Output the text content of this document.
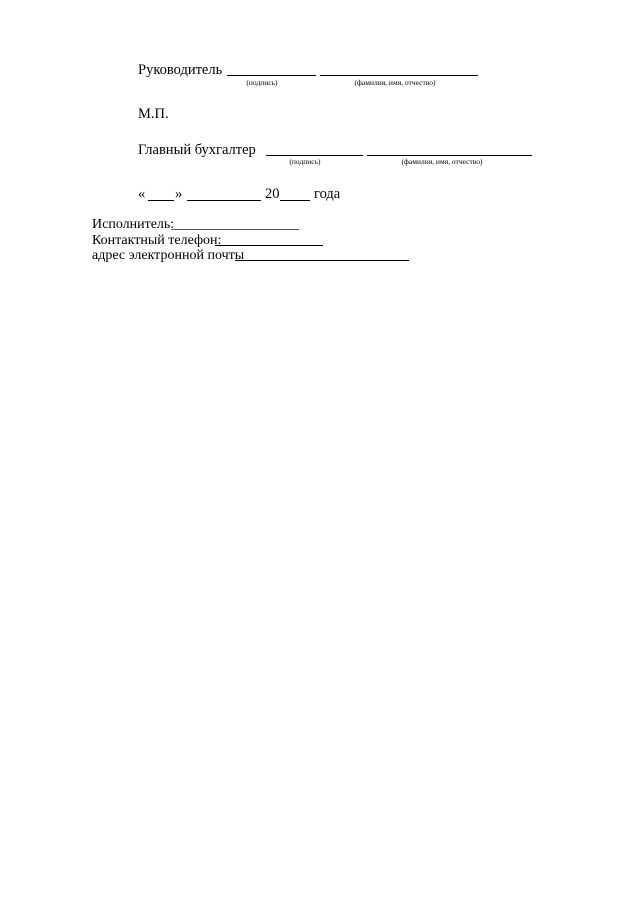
Руководитель
(подпись)	(фамилия, имя, отчество)
М.П.
Главный бухгалтер
(подпись)	(фамилия, имя, отчество)
« »	20 года
Исполнитель:
Контактный телефон:
адрес электронной почты
